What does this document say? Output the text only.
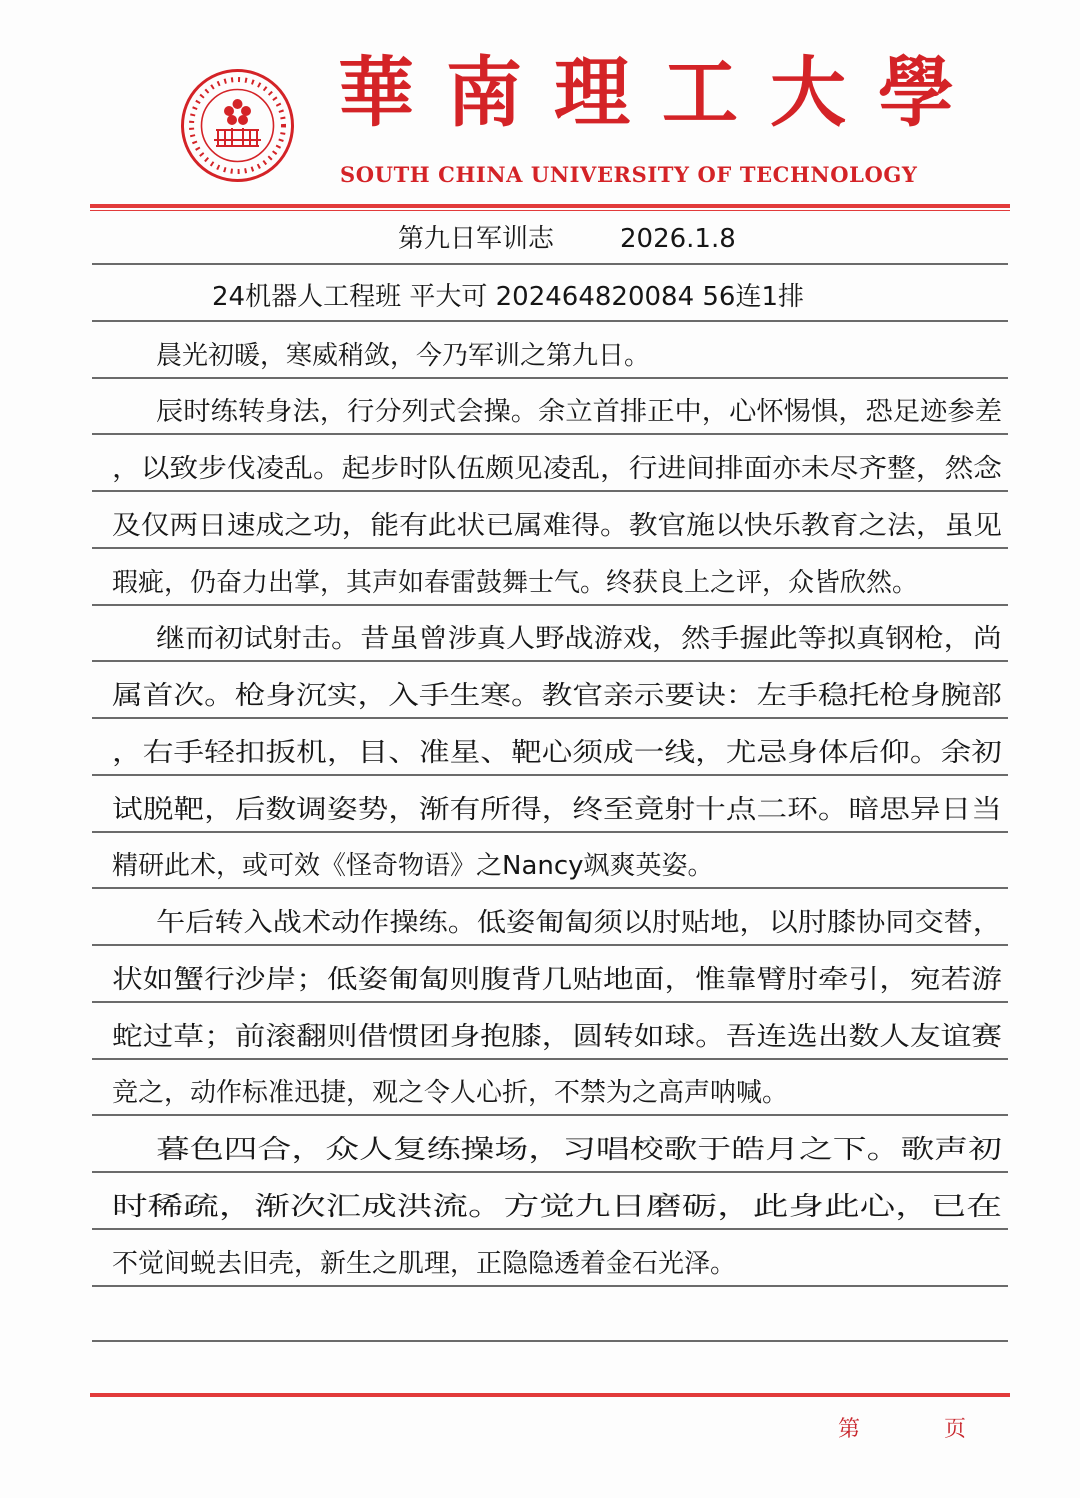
華南理工大學
SOUTH CHINA UNIVERSITY OF TECHNOLOGY
第九日军训志	2026.1.8
24机器人工程班 平大可 202464820084 56连1排
晨光初暖，寒威稍敛，今乃军训之第九日。
辰时练转身法，行分列式会操。余立首排正中，心怀惕惧，恐足迹参差
，以致步伐凌乱。起步时队伍颇见凌乱，行进间排面亦未尽齐整，然念
及仅两日速成之功，能有此状已属难得。教官施以快乐教育之法，虽见
瑕疵，仍奋力出掌，其声如春雷鼓舞士气。终获良上之评，众皆欣然。
继而初试射击。昔虽曾涉真人野战游戏，然手握此等拟真钢枪，尚
属首次。枪身沉实，入手生寒。教官亲示要诀：左手稳托枪身腕部
，右手轻扣扳机，目、准星、靶心须成一线，尤忌身体后仰。余初
试脱靶，后数调姿势，渐有所得，终至竟射十点二环。暗思异日当
精研此术，或可效《怪奇物语》之Nancy飒爽英姿。
午后转入战术动作操练。低姿匍匐须以肘贴地，以肘膝协同交替，
状如蟹行沙岸；低姿匍匐则腹背几贴地面，惟靠臂肘牵引，宛若游
蛇过草；前滚翻则借惯团身抱膝，圆转如球。吾连选出数人友谊赛
竞之，动作标准迅捷，观之令人心折，不禁为之高声呐喊。
暮色四合，众人复练操场，习唱校歌于皓月之下。歌声初
时稀疏，渐次汇成洪流。方觉九日磨砺，此身此心，已在
不觉间蜕去旧壳，新生之肌理，正隐隐透着金石光泽。
第	页
